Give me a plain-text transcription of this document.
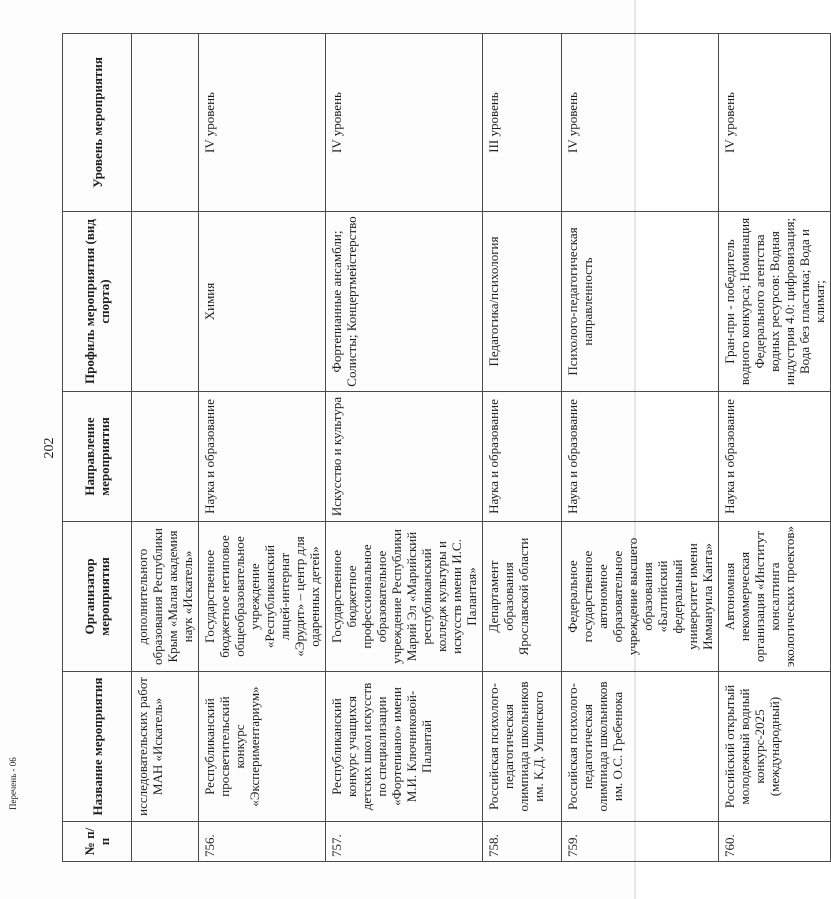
202
№ п/п	Название мероприятия	Организатор мероприятия	Направление мероприятия	Профиль мероприятия (вид спорта)	Уровень мероприятия
	исследовательских работ МАН «Искатель»	дополнительного образования Республики Крым «Малая академия наук «Искатель»			
756.	Республиканский просветительский конкурс «Экспериментариум»	Государственное бюджетное нетиповое общеобразовательное учреждение «Республиканский лицей-интернат «Эрудит» – центр для одаренных детей»	Наука и образование	Химия	IV уровень
757.	Республиканский конкурс учащихся детских школ искусств по специализации «Фортепиано» имени М.И. Ключниковой-Палантай	Государственное бюджетное профессиональное образовательное учреждение Республики Марий Эл «Марийский республиканский колледж культуры и искусств имени И.С. Палантая»	Искусство и культура	Фортепианные ансамбли; Солисты; Концертмейстерство	IV уровень
758.	Российская психолого-педагогическая олимпиада школьников им. К.Д. Ушинского	Департамент образования Ярославской области	Наука и образование	Педагогика/психология	III уровень
759.	Российская психолого-педагогическая олимпиада школьников им. О.С. Гребенюка	Федеральное государственное автономное образовательное учреждение высшего образования «Балтийский федеральный университет имени Иммануила Канта»	Наука и образование	Психолого-педагогическая направленность	IV уровень
760.	Российский открытый молодежный водный конкурс-2025 (международный)	Автономная некоммерческая организация «Институт консалтинга экологических проектов»	Наука и образование	Гран-при - победитель водного конкурса; Номинация Федерального агентства водных ресурсов: Водная индустрия 4.0: цифровизация; Вода без пластика; Вода и климат;	IV уровень
Перечень - 06
